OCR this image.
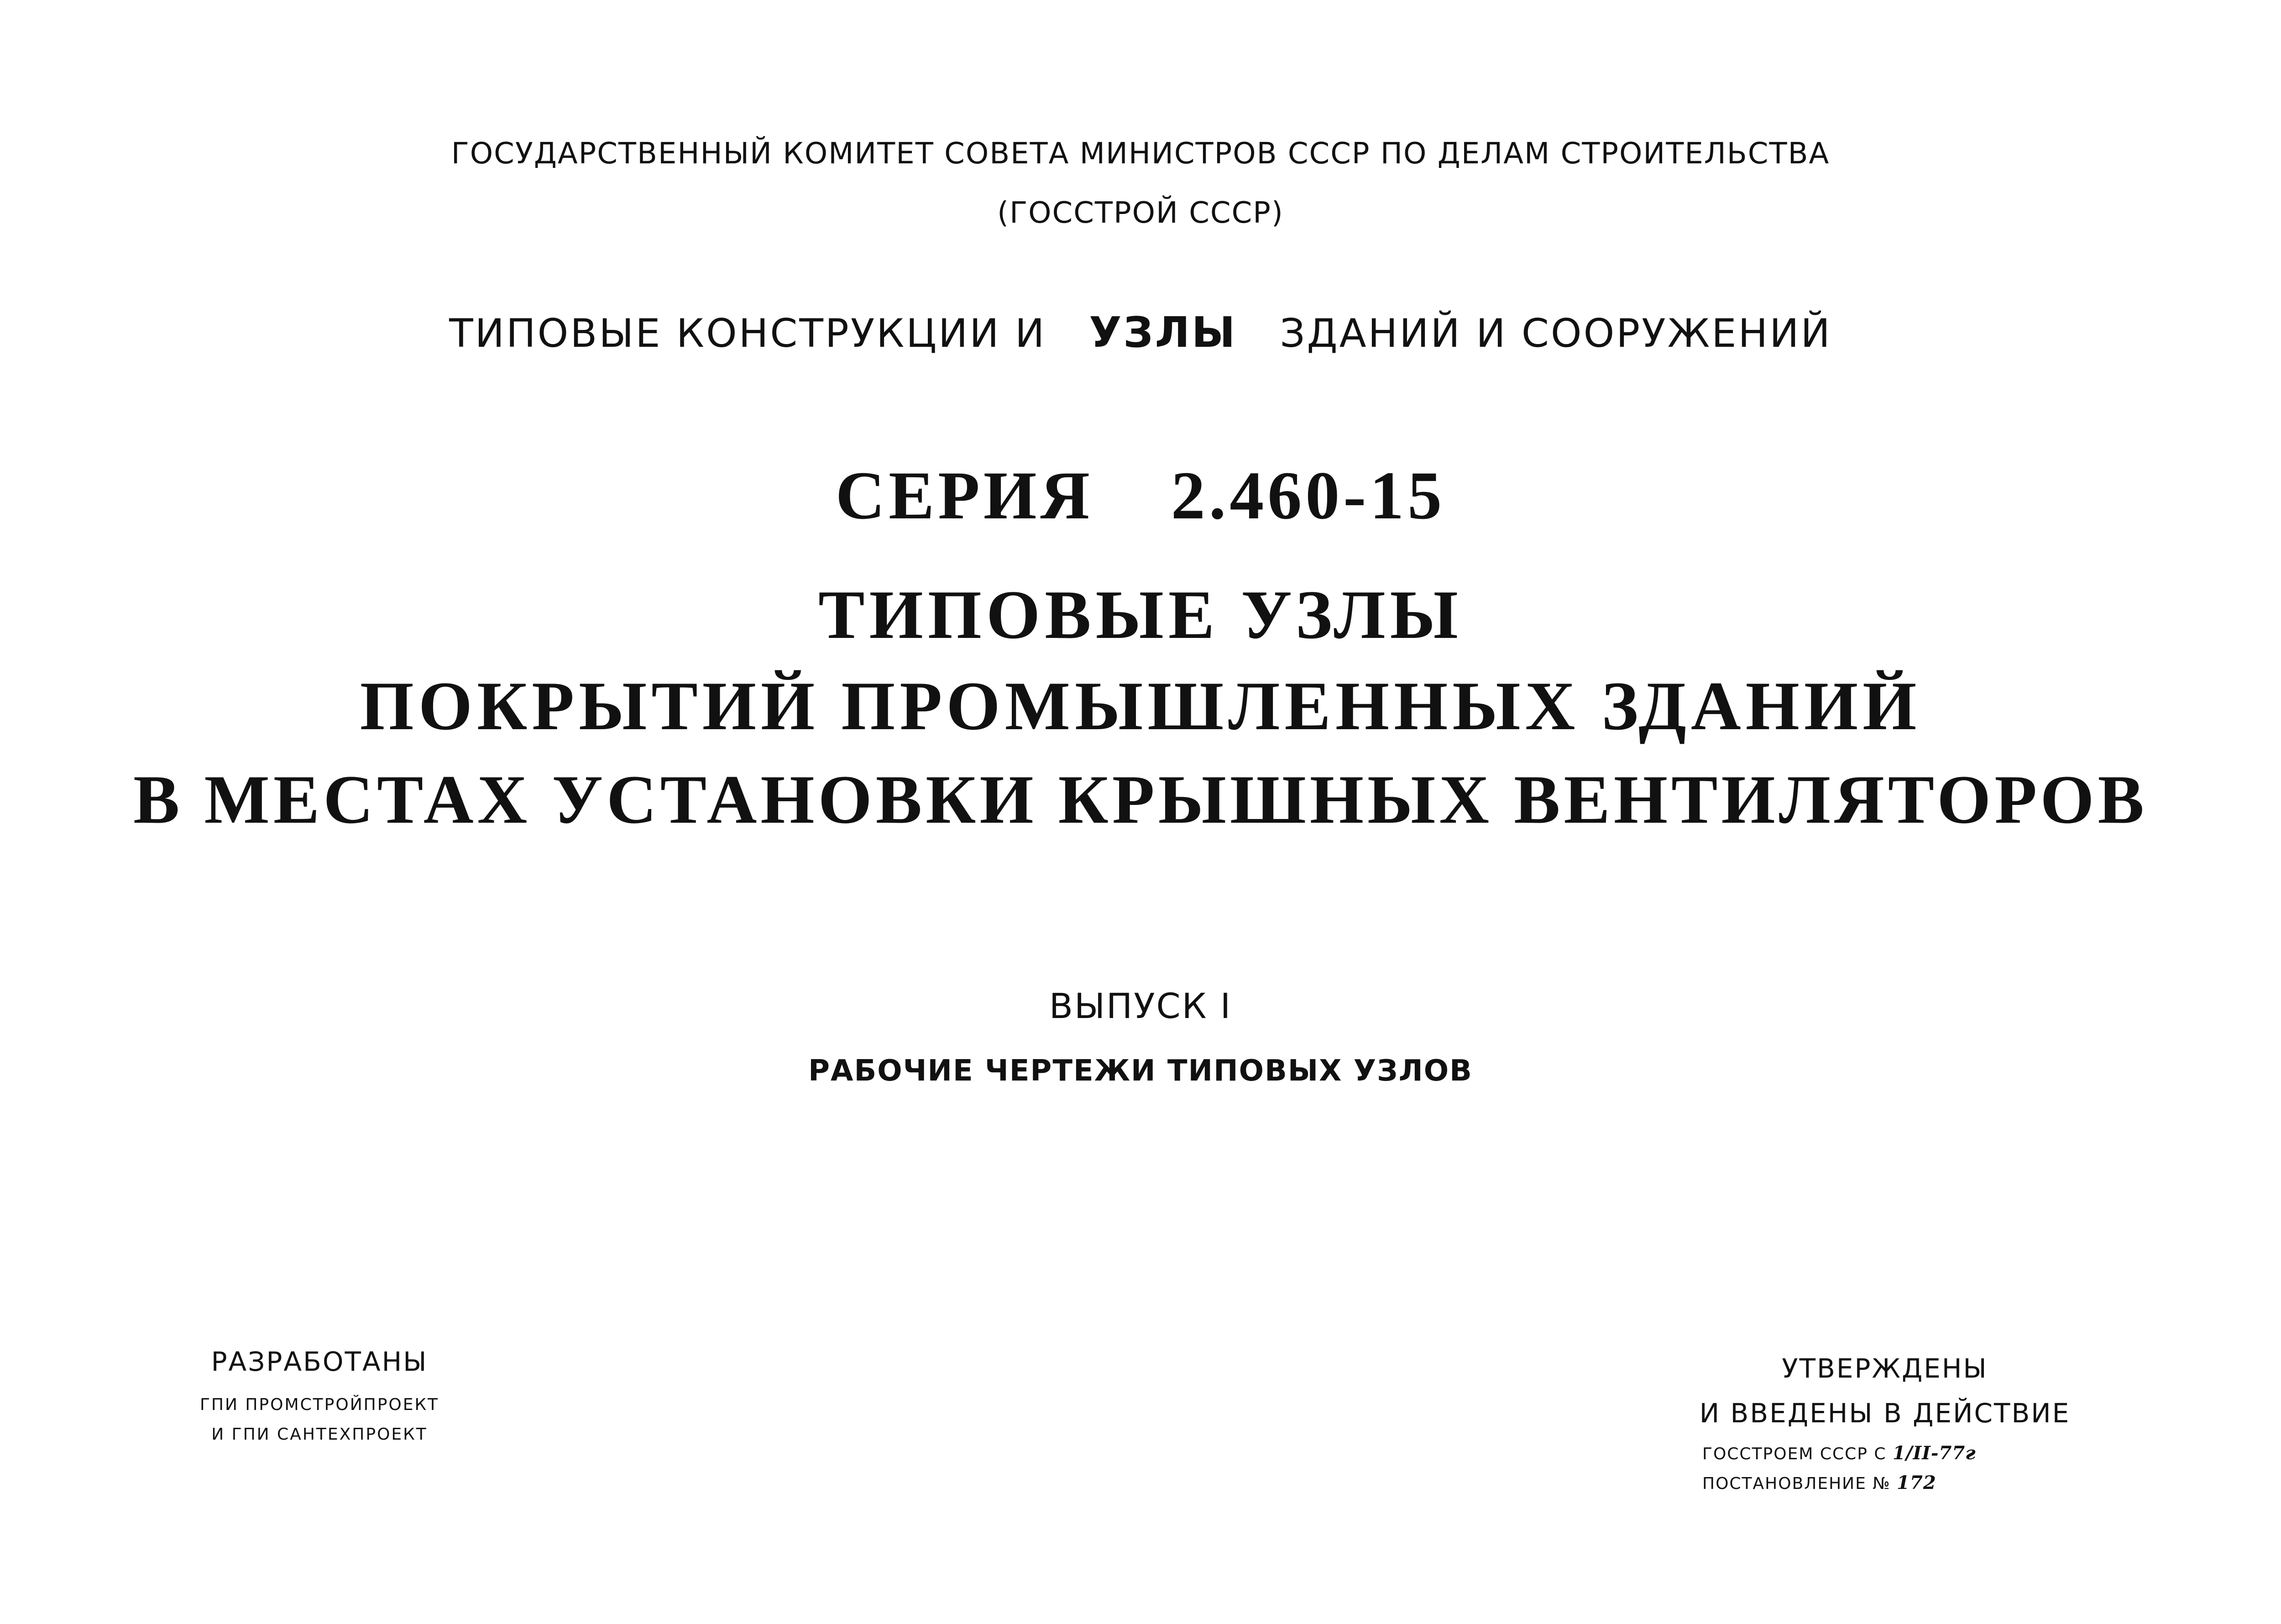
ГОСУДАРСТВЕННЫЙ КОМИТЕТ СОВЕТА МИНИСТРОВ СССР ПО ДЕЛАМ СТРОИТЕЛЬСТВА
(ГОССТРОЙ СССР)
ТИПОВЫЕ КОНСТРУКЦИИ И УЗЛЫ ЗДАНИЙ И СООРУЖЕНИЙ
СЕРИЯ 2.460-15
ТИПОВЫЕ УЗЛЫ
ПОКРЫТИЙ ПРОМЫШЛЕННЫХ ЗДАНИЙ
В МЕСТАХ УСТАНОВКИ КРЫШНЫХ ВЕНТИЛЯТОРОВ
ВЫПУСК I
РАБОЧИЕ ЧЕРТЕЖИ ТИПОВЫХ УЗЛОВ
РАЗРАБОТАНЫ
ГПИ ПРОМСТРОЙПРОЕКТ
И ГПИ САНТЕХПРОЕКТ
УТВЕРЖДЕНЫ
И ВВЕДЕНЫ В ДЕЙСТВИЕ
ГОССТРОЕМ СССР С 1/II-77г
ПОСТАНОВЛЕНИЕ № 172
